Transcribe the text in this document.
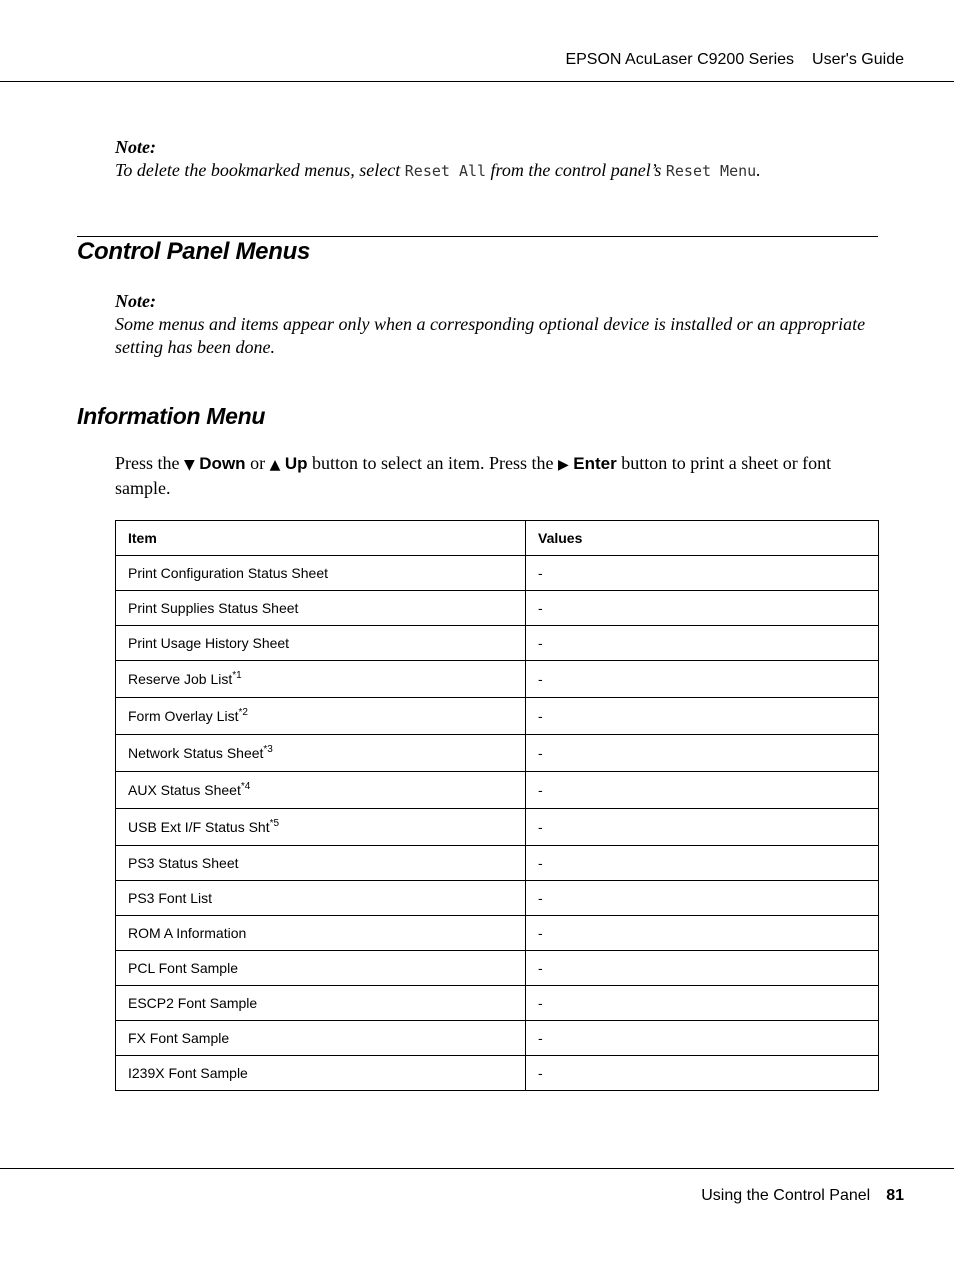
EPSON AcuLaser C9200 Series User's Guide
Note:
To delete the bookmarked menus, select Reset All from the control panel’s Reset Menu.
Control Panel Menus
Note:
Some menus and items appear only when a corresponding optional device is installed or an appropriate setting has been done.
Information Menu
Press the ▼ Down or ▲ Up button to select an item. Press the ▶ Enter button to print a sheet or font sample.
Item	Values
Print Configuration Status Sheet	-
Print Supplies Status Sheet	-
Print Usage History Sheet	-
Reserve Job List$^{*1}$	-
Form Overlay List$^{*2}$	-
Network Status Sheet$^{*3}$	-
AUX Status Sheet$^{*4}$	-
USB Ext I/F Status Sht$^{*5}$	-
PS3 Status Sheet	-
PS3 Font List	-
ROM A Information	-
PCL Font Sample	-
ESCP2 Font Sample	-
FX Font Sample	-
I239X Font Sample	-
Using the Control Panel 81
